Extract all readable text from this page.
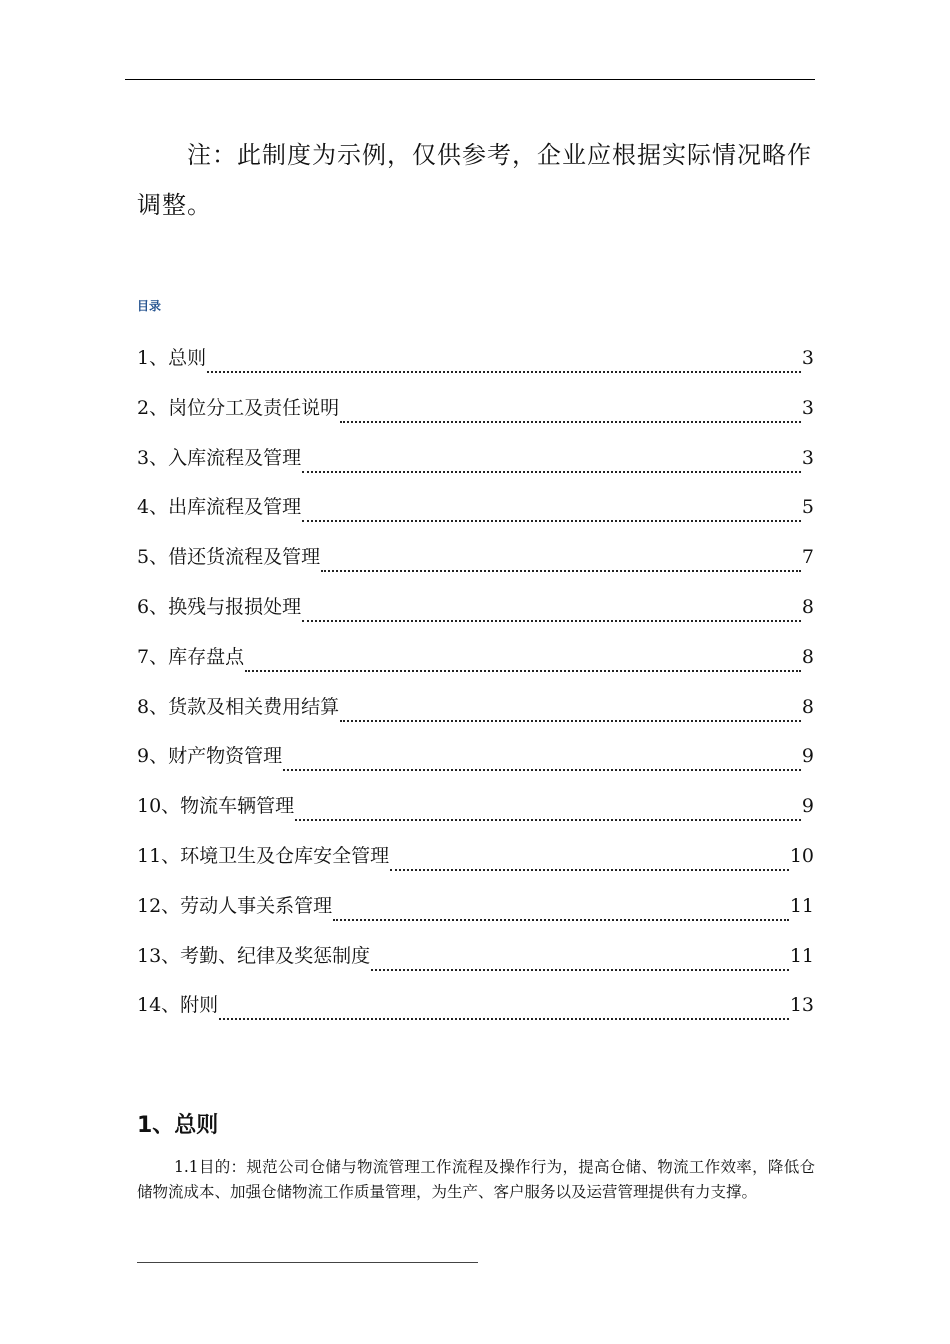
注：此制度为示例，仅供参考，企业应根据实际情况略作调整。

目录
1、总则	3
2、岗位分工及责任说明	3
3、入库流程及管理	3
4、出库流程及管理	5
5、借还货流程及管理	7
6、换残与报损处理	8
7、库存盘点	8
8、货款及相关费用结算	8
9、财产物资管理	9
10、物流车辆管理	9
11、环境卫生及仓库安全管理	10
12、劳动人事关系管理	11
13、考勤、纪律及奖惩制度	11
14、附则	13
1、总则

1.1目的：规范公司仓储与物流管理工作流程及操作行为，提高仓储、物流工作效率，降低仓储物流成本、加强仓储物流工作质量管理，为生产、客户服务以及运营管理提供有力支撑。
